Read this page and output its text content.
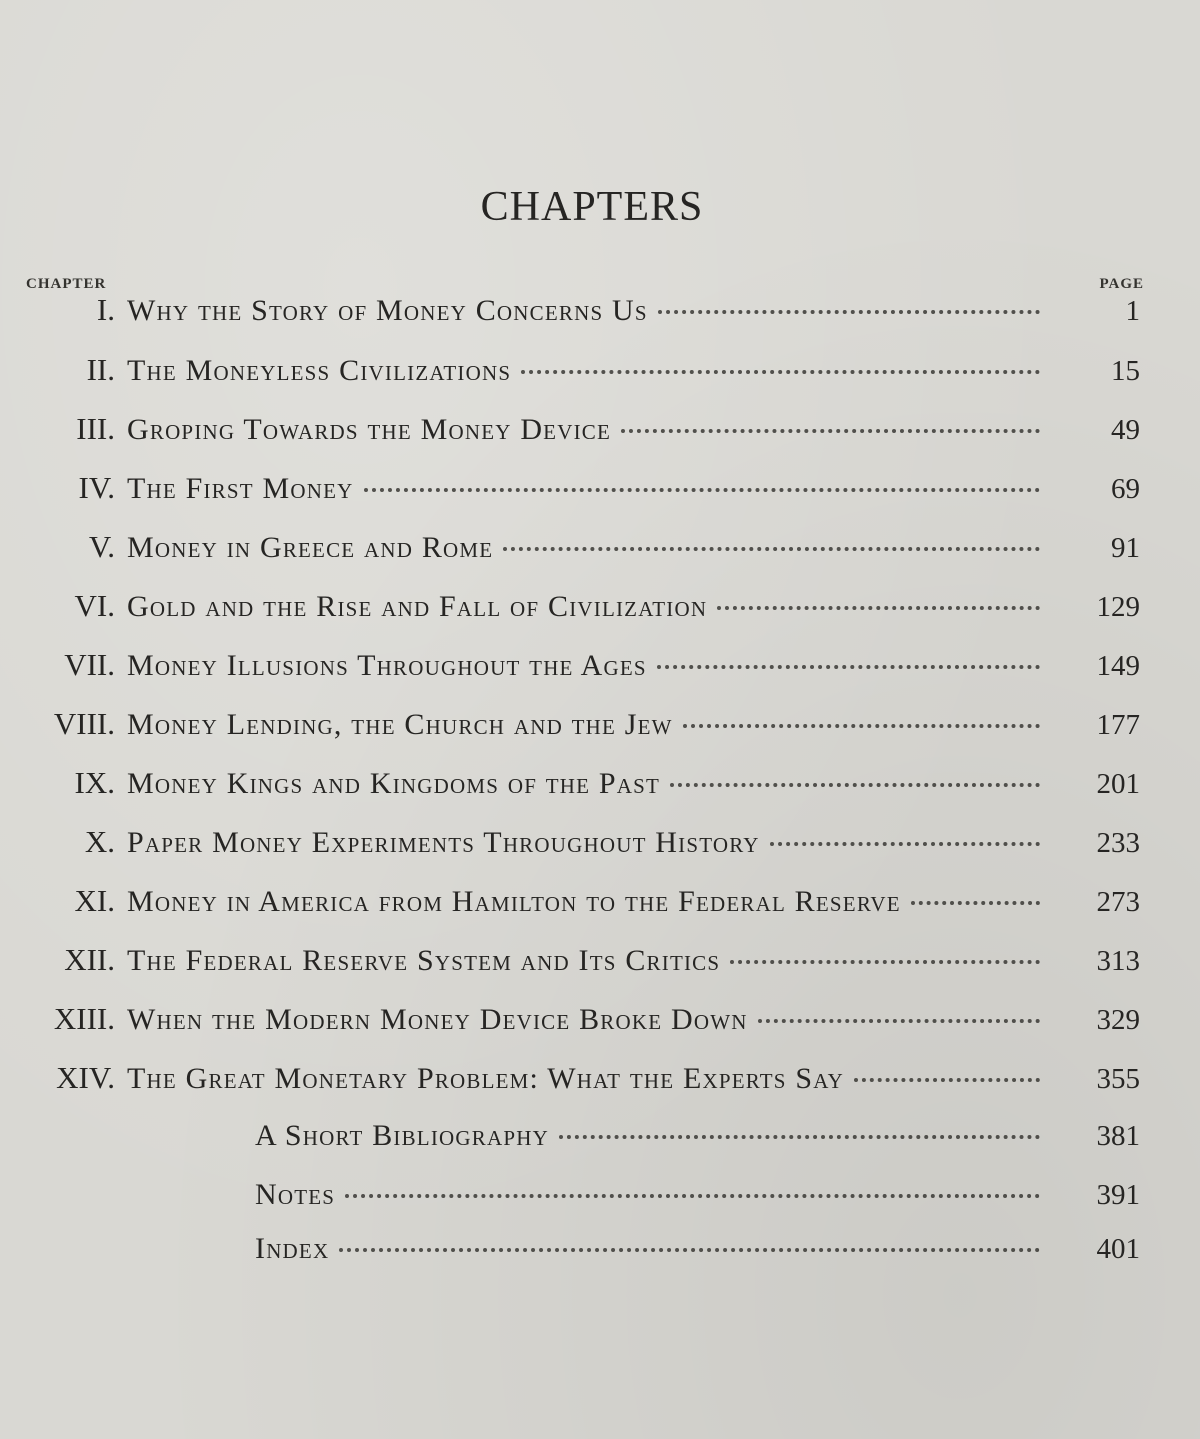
CHAPTERS
CHAPTER	PAGE
I. Why the Story of Money Concerns Us	1
II. The Moneyless Civilizations	15
III. Groping Towards the Money Device	49
IV. The First Money	69
V. Money in Greece and Rome	91
VI. Gold and the Rise and Fall of Civilization	129
VII. Money Illusions Throughout the Ages	149
VIII. Money Lending, the Church and the Jew	177
IX. Money Kings and Kingdoms of the Past	201
X. Paper Money Experiments Throughout History	233
XI. Money in America from Hamilton to the Federal Reserve	273
XII. The Federal Reserve System and Its Critics	313
XIII. When the Modern Money Device Broke Down	329
XIV. The Great Monetary Problem: What the Experts Say	355
A Short Bibliography	381
Notes	391
Index	401
